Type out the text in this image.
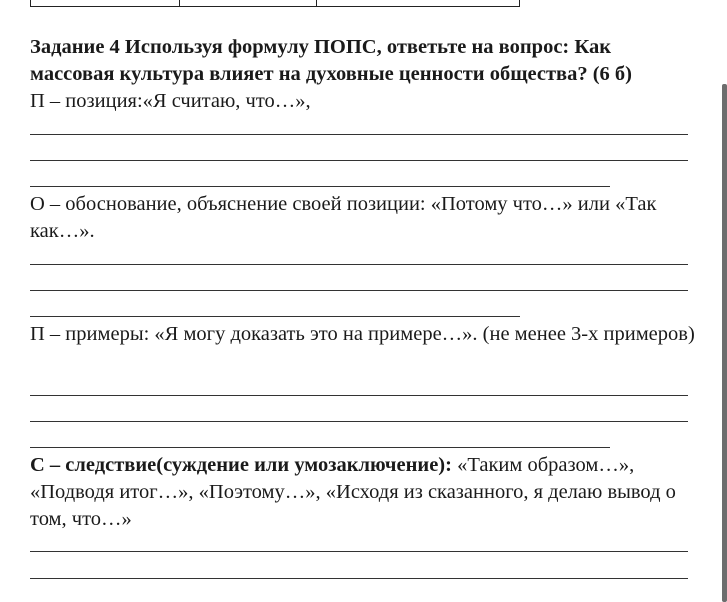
Задание 4 Используя формулу ПОПС, ответьте на вопрос: Как массовая культура влияет на духовные ценности общества? (6 б)
П – позиция:«Я считаю, что…»,
О – обоснование, объяснение своей позиции: «Потому что…» или «Так как…».
П – примеры: «Я могу доказать это на примере…». (не менее 3-х примеров)
С – следствие(суждение или умозаключение): «Таким образом…», «Подводя итог…», «Поэтому…», «Исходя из сказанного, я делаю вывод о том, что…»
